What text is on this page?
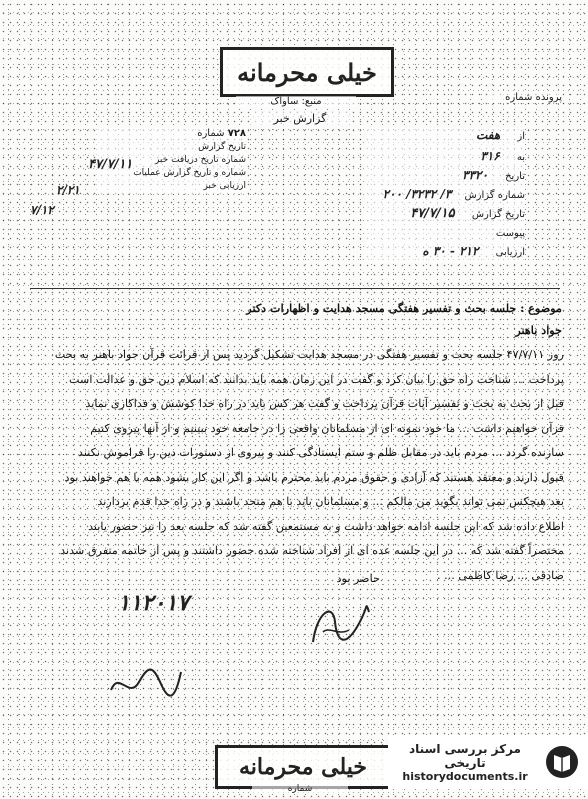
خیلی محرمانه
منبع: ساواک
گزارش خبر
پرونده شماره
۷۲۸ شماره
تاریخ گزارش
شماره تاریخ دریافت خبر
شماره و تاریخ گزارش عملیات
ارزیابی خبر
۴۷/۷/۱۱
۲/۲۱
۷/۱۲
از هفت
به ۳۱۶
تاریخ ۳۳۲۰
شماره گزارش ۳/ ۳۲۳۲/ ۲۰۰
تاریخ گزارش ۴۷/۷/۱۵
پیوست
ارزیابی ۲۱۲ - ۳۰ ه
موضوع : جلسه بحث و تفسیر هفتگی مسجد هدایت و اظهارات دکتر
جواد باهنر
روز ۴۷/۷/۱۱ جلسه بحث و تفسیر هفتگی در مسجد هدایت تشکیل گردید پس از قرائت قرآن جواد باهنر به بحث
پرداخت ... شناخت راه حق را بیان کرد و گفت در این زمان همه باید بدانند که اسلام دین حق و عدالت است
قبل از بحث به بحث و تفسیر آیات قرآن پرداخت و گفت هر کس باید در راه خدا کوشش و فداکاری نماید
قرآن خواهیم داشت ... ما خود نمونه ای از مسلمانان واقعی را در جامعه خود ببینیم و از آنها پیروی کنیم
سازنده گردد ... مردم باید در مقابل ظلم و ستم ایستادگی کنند و پیروی از دستورات دین را فراموش نکنند
قبول دارند و معتقد هستند که آزادی و حقوق مردم باید محترم باشد و اگر این کار بشود همه با هم خواهند بود
بعد هیچکس نمی تواند بگوید من مالکم ... و مسلمانان باید با هم متحد باشند و در راه خدا قدم بردارند
اطلاع داده شد که این جلسه ادامه خواهد داشت و به مستمعین گفته شد که جلسه بعد را نیز حضور یابند
مختصراً گفته شد که ... در این جلسه عده ای از افراد شناخته شده حضور داشتند و پس از خاتمه متفرق شدند
صادقی ... رضا کاظمی ... .
حاضر بود
۱۱۲۰۱۷
خیلی محرمانه
شماره
مرکز بررسی اسناد تاریخی
historydocuments.ir
